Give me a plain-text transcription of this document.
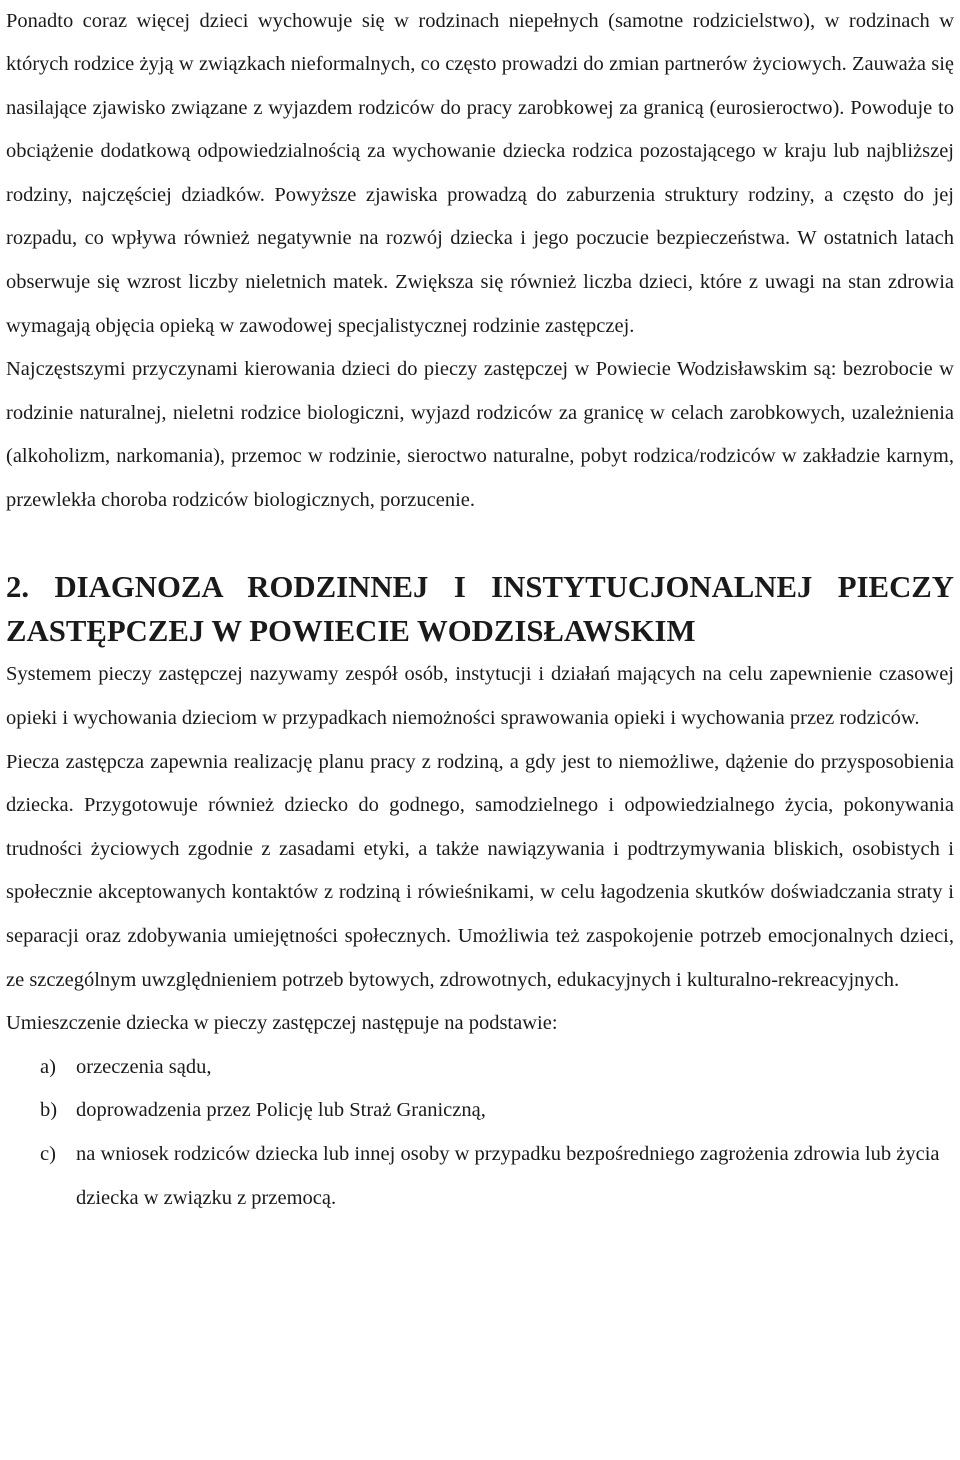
Ponadto coraz więcej dzieci wychowuje się w rodzinach niepełnych (samotne rodzicielstwo), w rodzinach w których rodzice żyją w związkach nieformalnych, co często prowadzi do zmian partnerów życiowych. Zauważa się nasilające zjawisko związane z wyjazdem rodziców do pracy zarobkowej za granicą (eurosieroctwo). Powoduje to obciążenie dodatkową odpowiedzialnością za wychowanie dziecka rodzica pozostającego w kraju lub najbliższej rodziny, najczęściej dziadków. Powyższe zjawiska prowadzą do zaburzenia struktury rodziny, a często do jej rozpadu, co wpływa również negatywnie na rozwój dziecka i jego poczucie bezpieczeństwa. W ostatnich latach obserwuje się wzrost liczby nieletnich matek. Zwiększa się również liczba dzieci, które z uwagi na stan zdrowia wymagają objęcia opieką w zawodowej specjalistycznej rodzinie zastępczej.

Najczęstszymi przyczynami kierowania dzieci do pieczy zastępczej w Powiecie Wodzisławskim są: bezrobocie w rodzinie naturalnej, nieletni rodzice biologiczni, wyjazd rodziców za granicę w celach zarobkowych, uzależnienia (alkoholizm, narkomania), przemoc w rodzinie, sieroctwo naturalne, pobyt rodzica/rodziców w zakładzie karnym, przewlekła choroba rodziców biologicznych, porzucenie.

2. DIAGNOZA RODZINNEJ I INSTYTUCJONALNEJ PIECZY ZASTĘPCZEJ W POWIECIE WODZISŁAWSKIM

Systemem pieczy zastępczej nazywamy zespół osób, instytucji i działań mających na celu zapewnienie czasowej opieki i wychowania dzieciom w przypadkach niemożności sprawowania opieki i wychowania przez rodziców.

Piecza zastępcza zapewnia realizację planu pracy z rodziną, a gdy jest to niemożliwe, dążenie do przysposobienia dziecka. Przygotowuje również dziecko do godnego, samodzielnego i odpowiedzialnego życia, pokonywania trudności życiowych zgodnie z zasadami etyki, a także nawiązywania i podtrzymywania bliskich, osobistych i społecznie akceptowanych kontaktów z rodziną i rówieśnikami, w celu łagodzenia skutków doświadczania straty i separacji oraz zdobywania umiejętności społecznych. Umożliwia też zaspokojenie potrzeb emocjonalnych dzieci, ze szczególnym uwzględnieniem potrzeb bytowych, zdrowotnych, edukacyjnych i kulturalno-rekreacyjnych.

Umieszczenie dziecka w pieczy zastępczej następuje na podstawie:

a) orzeczenia sądu,
b) doprowadzenia przez Policję lub Straż Graniczną,
c) na wniosek rodziców dziecka lub innej osoby w przypadku bezpośredniego zagrożenia zdrowia lub życia dziecka w związku z przemocą.
